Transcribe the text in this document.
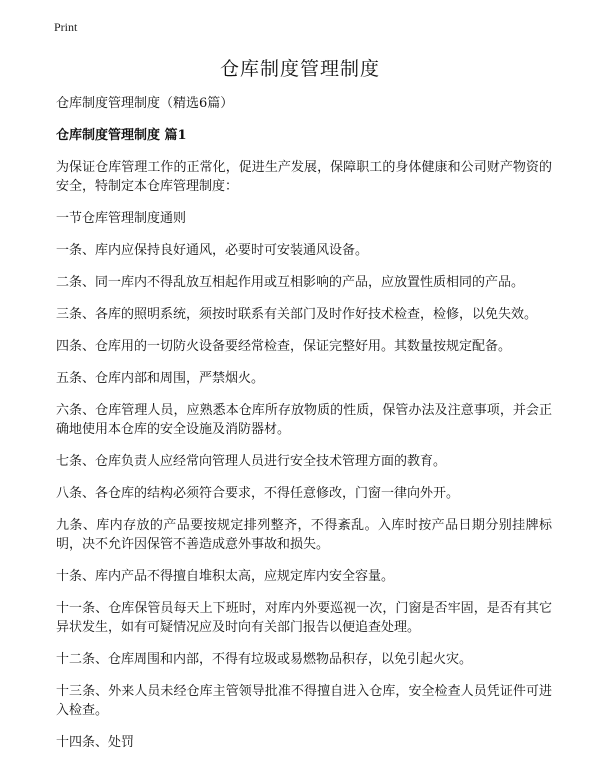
Print
仓库制度管理制度
仓库制度管理制度（精选6篇）
仓库制度管理制度 篇1
为保证仓库管理工作的正常化，促进生产发展，保障职工的身体健康和公司财产物资的安全，特制定本仓库管理制度：
一节仓库管理制度通则
一条、库内应保持良好通风，必要时可安装通风设备。
二条、同一库内不得乱放互相起作用或互相影响的产品，应放置性质相同的产品。
三条、各库的照明系统，须按时联系有关部门及时作好技术检查，检修，以免失效。
四条、仓库用的一切防火设备要经常检查，保证完整好用。其数量按规定配备。
五条、仓库内部和周围，严禁烟火。
六条、仓库管理人员，应熟悉本仓库所存放物质的性质，保管办法及注意事项，并会正确地使用本仓库的安全设施及消防器材。
七条、仓库负责人应经常向管理人员进行安全技术管理方面的教育。
八条、各仓库的结构必须符合要求，不得任意修改，门窗一律向外开。
九条、库内存放的产品要按规定排列整齐，不得紊乱。入库时按产品日期分别挂牌标明，决不允许因保管不善造成意外事故和损失。
十条、库内产品不得擅自堆积太高，应规定库内安全容量。
十一条、仓库保管员每天上下班时，对库内外要巡视一次，门窗是否牢固，是否有其它异状发生，如有可疑情况应及时向有关部门报告以便追查处理。
十二条、仓库周围和内部，不得有垃圾或易燃物品积存，以免引起火灾。
十三条、外来人员未经仓库主管领导批准不得擅自进入仓库，安全检查人员凭证件可进入检查。
十四条、处罚
